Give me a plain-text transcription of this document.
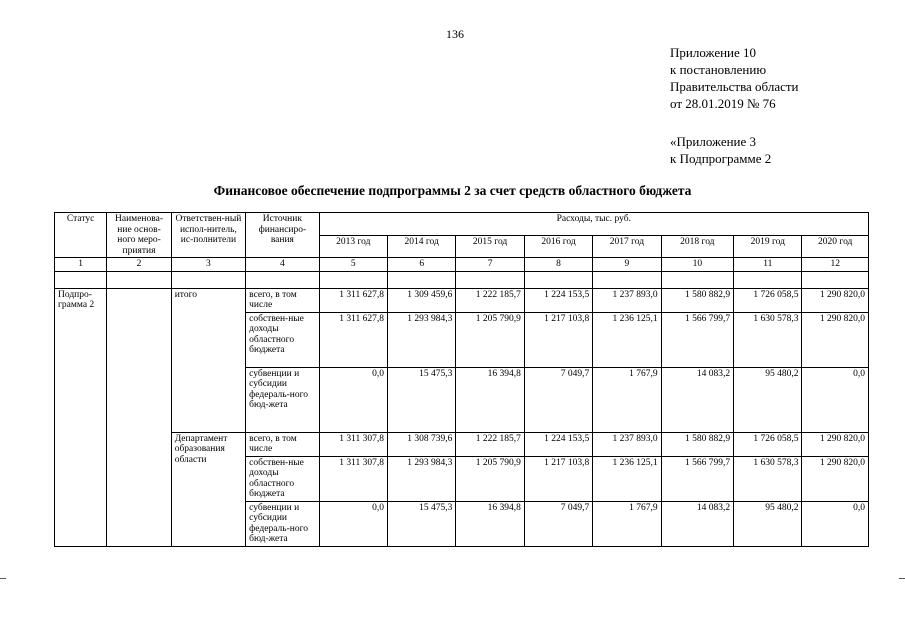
136
Приложение 10
к постановлению
Правительства области
от 28.01.2019 № 76
«Приложение 3
к Подпрограмме 2
Финансовое обеспечение подпрограммы 2 за счет средств областного бюджета
Статус	Наименова-ние основ-ного меро-приятия	Ответствен-ный испол-нитель, ис-полнители	Источник финансиро-вания	Расходы, тыс. руб.							
				2013 год	2014 год	2015 год	2016 год	2017 год	2018 год	2019 год	2020 год
1	2	3	4	5	6	7	8	9	10	11	12

Подпро-грамма 2		итого	всего, в том числе	1 311 627,8	1 309 459,6	1 222 185,7	1 224 153,5	1 237 893,0	1 580 882,9	1 726 058,5	1 290 820,0
			собствен-ные доходы областного бюджета	1 311 627,8	1 293 984,3	1 205 790,9	1 217 103,8	1 236 125,1	1 566 799,7	1 630 578,3	1 290 820,0
			субвенции и субсидии федераль-ного бюд-жета	0,0	15 475,3	16 394,8	7 049,7	1 767,9	14 083,2	95 480,2	0,0
		Департамент образования области	всего, в том числе	1 311 307,8	1 308 739,6	1 222 185,7	1 224 153,5	1 237 893,0	1 580 882,9	1 726 058,5	1 290 820,0
			собствен-ные доходы областного бюджета	1 311 307,8	1 293 984,3	1 205 790,9	1 217 103,8	1 236 125,1	1 566 799,7	1 630 578,3	1 290 820,0
			субвенции и субсидии федераль-ного бюд-жета	0,0	15 475,3	16 394,8	7 049,7	1 767,9	14 083,2	95 480,2	0,0
